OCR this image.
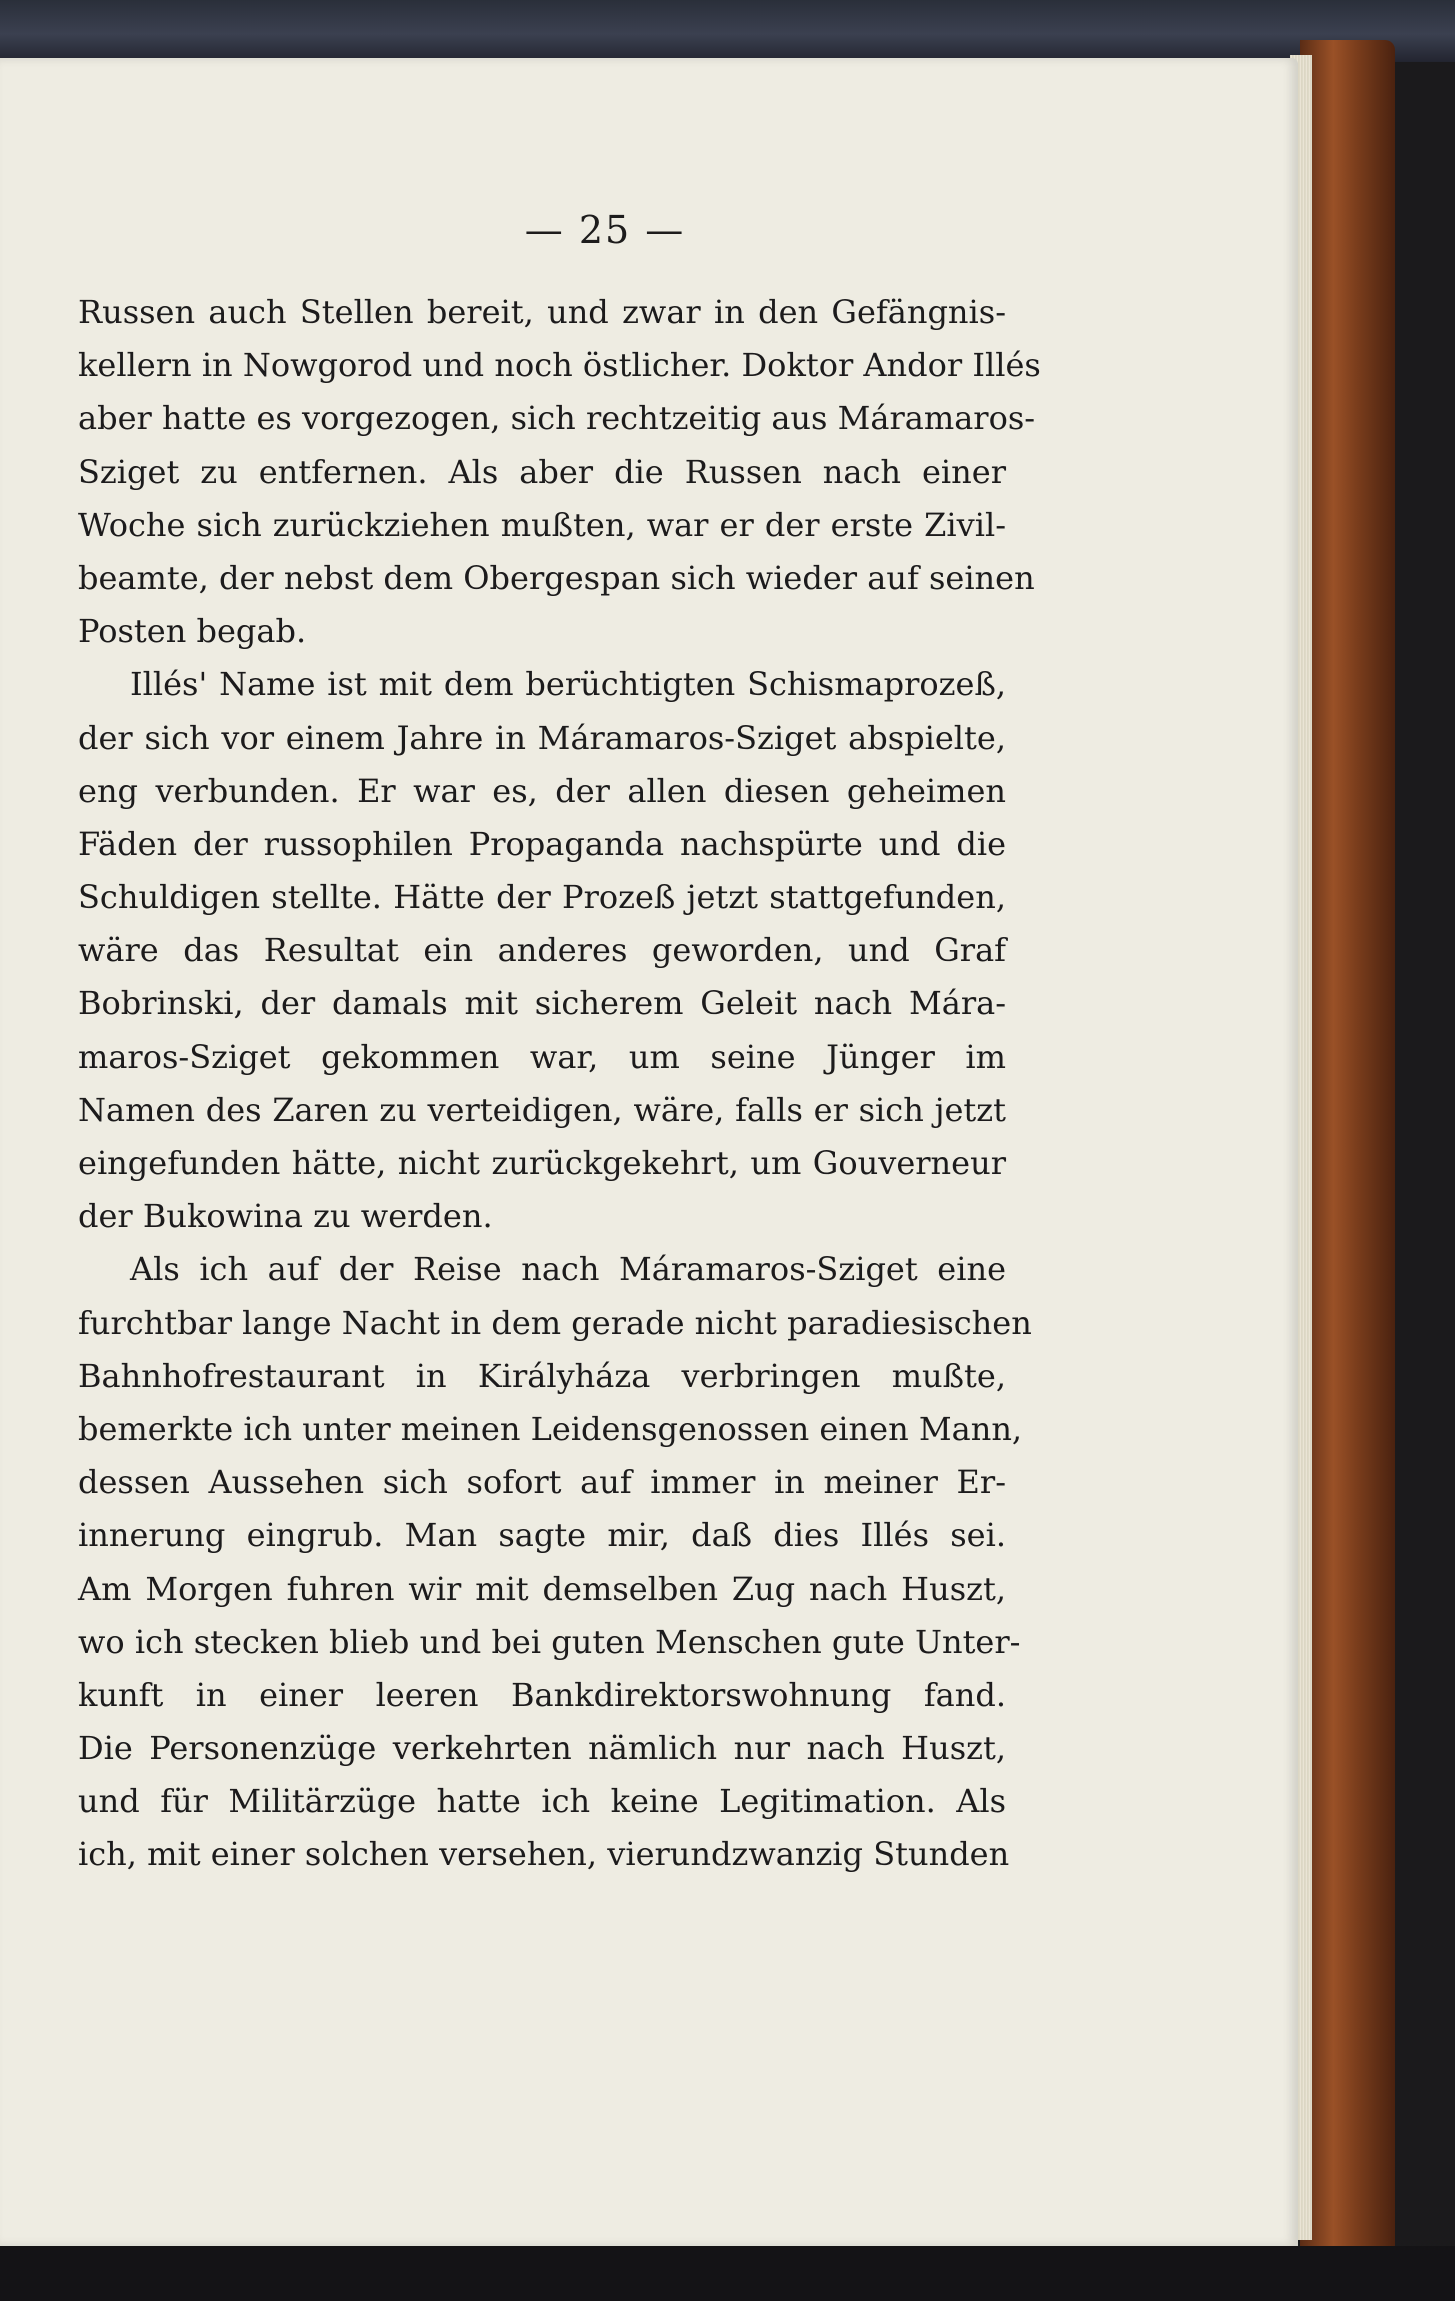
— 25 —
Russen auch Stellen bereit, und zwar in den Gefängnis-
kellern in Nowgorod und noch östlicher. Doktor Andor Illés
aber hatte es vorgezogen, sich rechtzeitig aus Máramaros-
Sziget zu entfernen. Als aber die Russen nach einer
Woche sich zurückziehen mußten, war er der erste Zivil-
beamte, der nebst dem Obergespan sich wieder auf seinen
Posten begab.
Illés' Name ist mit dem berüchtigten Schismaprozeß,
der sich vor einem Jahre in Máramaros-Sziget abspielte,
eng verbunden. Er war es, der allen diesen geheimen
Fäden der russophilen Propaganda nachspürte und die
Schuldigen stellte. Hätte der Prozeß jetzt stattgefunden,
wäre das Resultat ein anderes geworden, und Graf
Bobrinski, der damals mit sicherem Geleit nach Mára-
maros-Sziget gekommen war, um seine Jünger im
Namen des Zaren zu verteidigen, wäre, falls er sich jetzt
eingefunden hätte, nicht zurückgekehrt, um Gouverneur
der Bukowina zu werden.
Als ich auf der Reise nach Máramaros-Sziget eine
furchtbar lange Nacht in dem gerade nicht paradiesischen
Bahnhofrestaurant in Királyháza verbringen mußte,
bemerkte ich unter meinen Leidensgenossen einen Mann,
dessen Aussehen sich sofort auf immer in meiner Er-
innerung eingrub. Man sagte mir, daß dies Illés sei.
Am Morgen fuhren wir mit demselben Zug nach Huszt,
wo ich stecken blieb und bei guten Menschen gute Unter-
kunft in einer leeren Bankdirektorswohnung fand.
Die Personenzüge verkehrten nämlich nur nach Huszt,
und für Militärzüge hatte ich keine Legitimation. Als
ich, mit einer solchen versehen, vierundzwanzig Stunden
